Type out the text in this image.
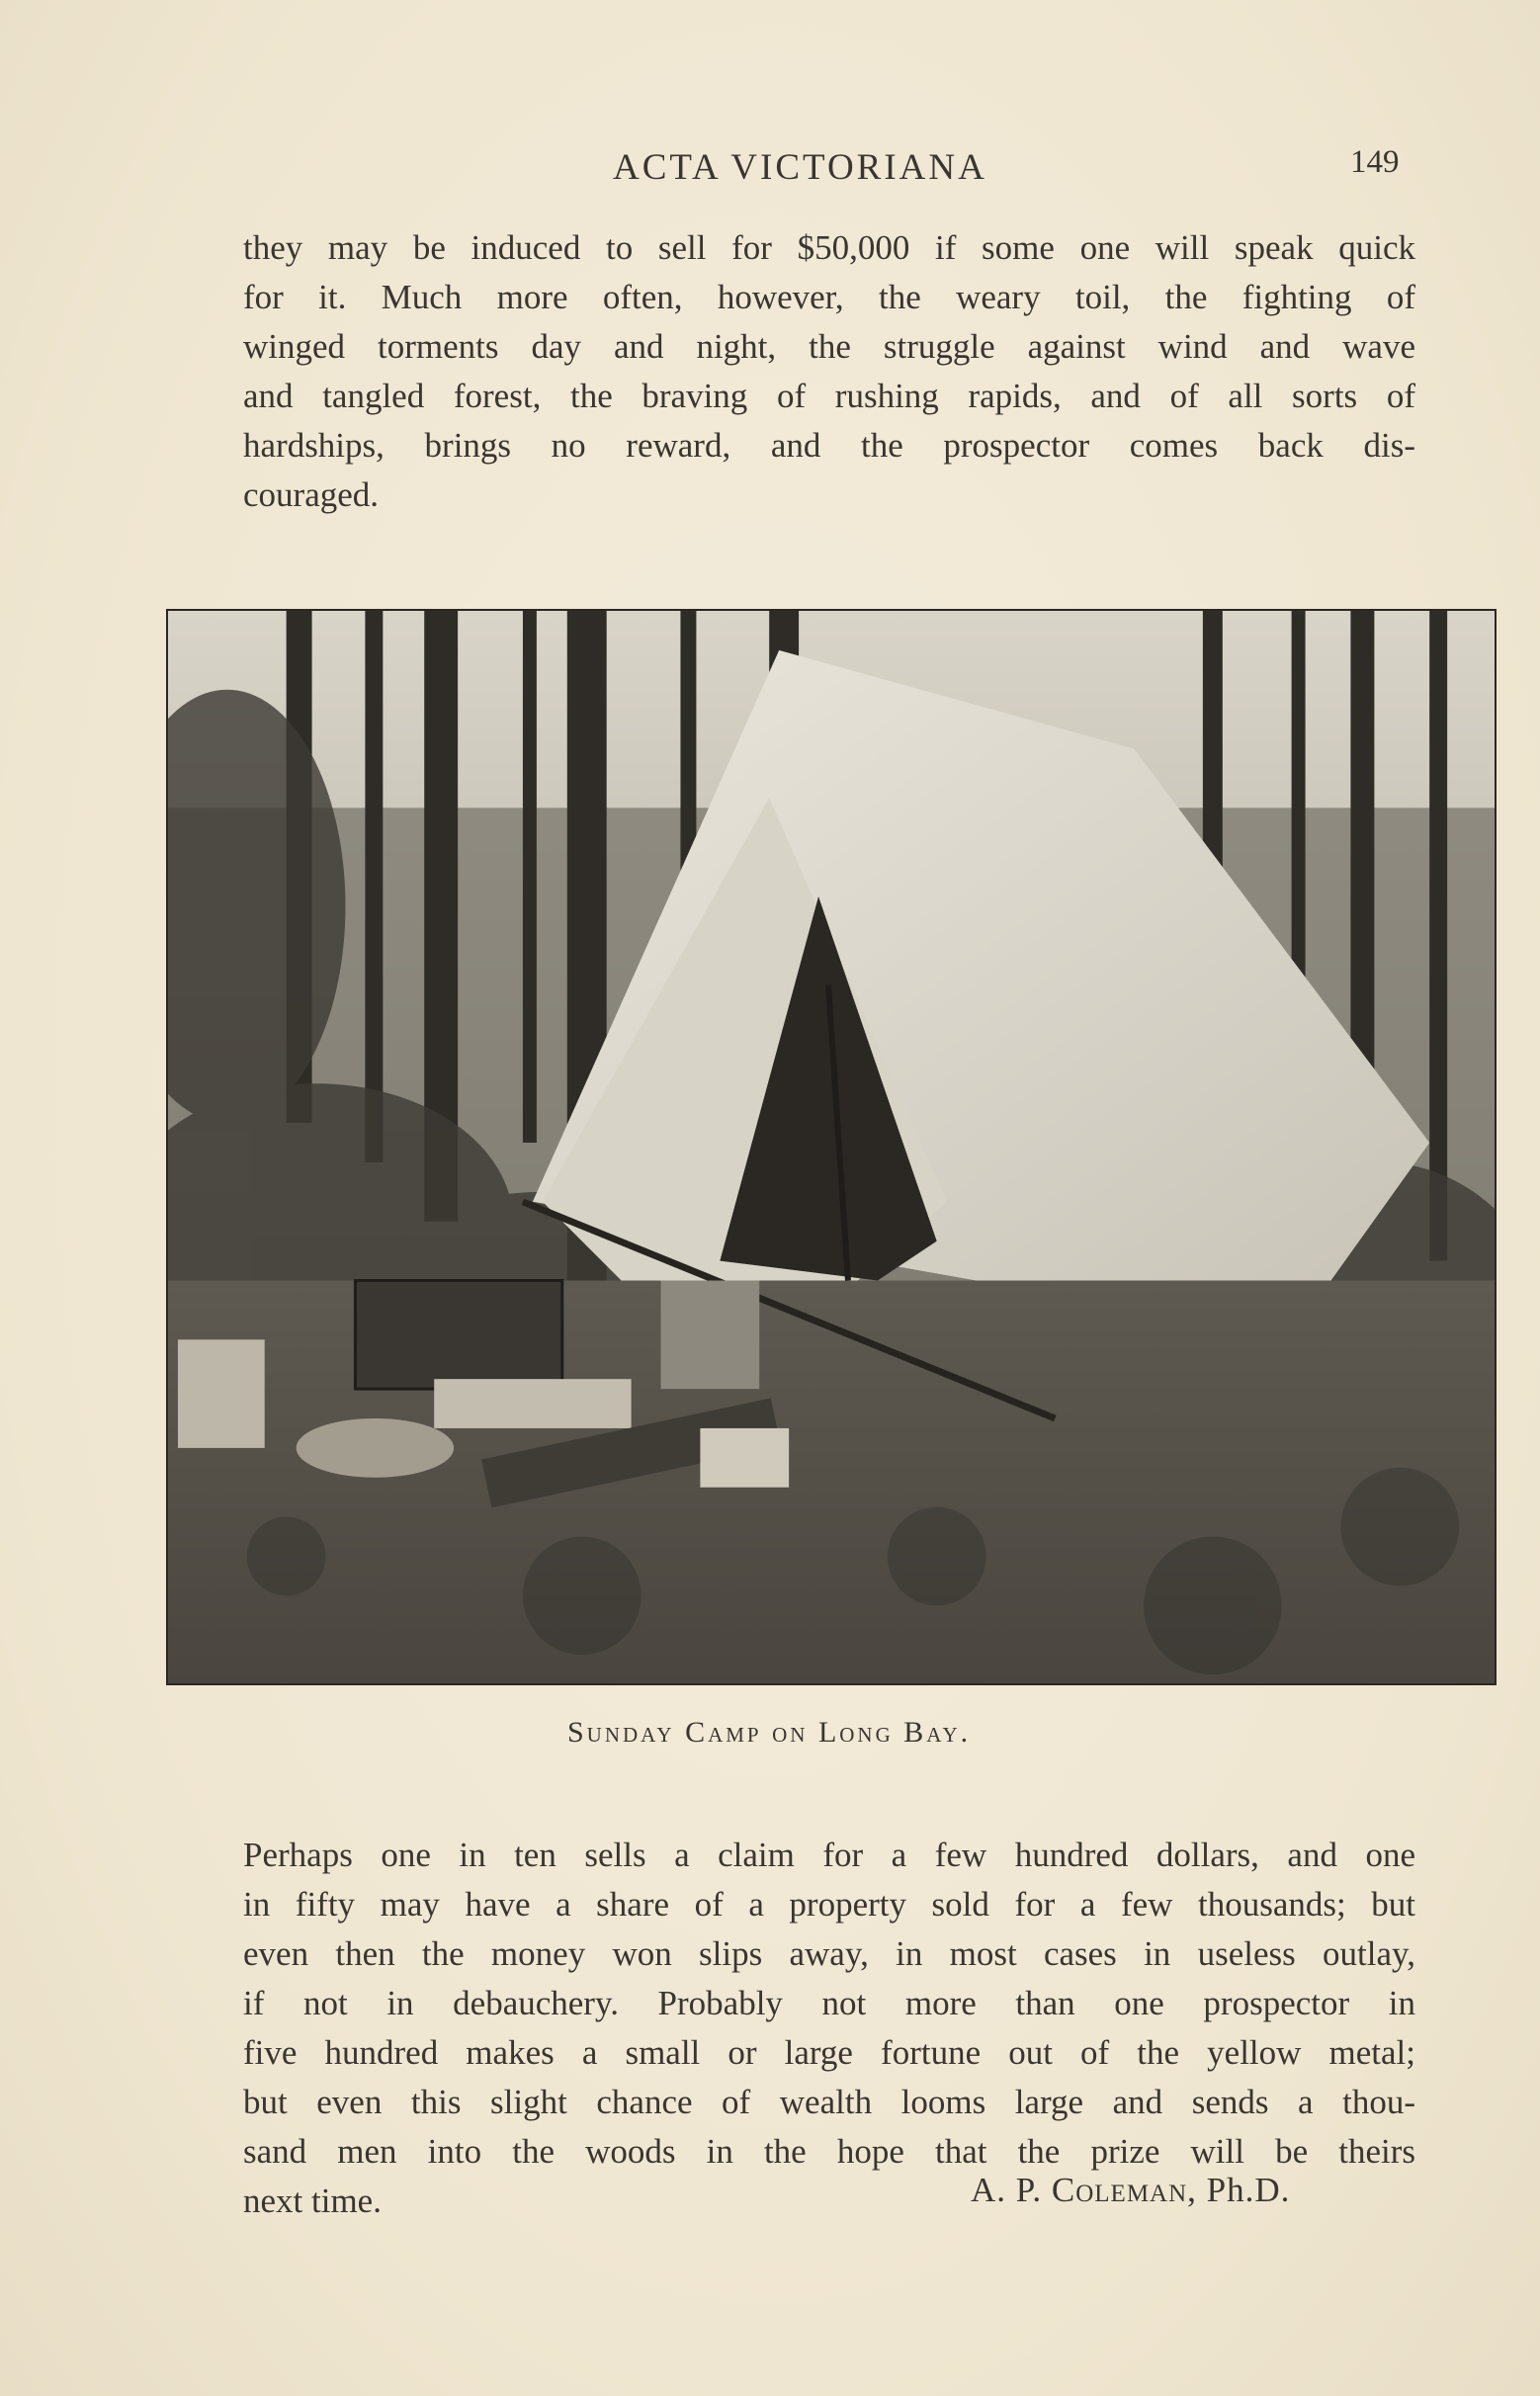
ACTA VICTORIANA	149

they may be induced to sell for $50,000 if some one will speak quick
for it. Much more often, however, the weary toil, the fighting of
winged torments day and night, the struggle against wind and wave
and tangled forest, the braving of rushing rapids, and of all sorts of
hardships, brings no reward, and the prospector comes back dis-
couraged.

Sunday Camp on Long Bay.

Perhaps one in ten sells a claim for a few hundred dollars, and one
in fifty may have a share of a property sold for a few thousands; but
even then the money won slips away, in most cases in useless outlay,
if not in debauchery. Probably not more than one prospector in
five hundred makes a small or large fortune out of the yellow metal;
but even this slight chance of wealth looms large and sends a thou-
sand men into the woods in the hope that the prize will be theirs
next time.	A. P. Coleman, Ph.D.
